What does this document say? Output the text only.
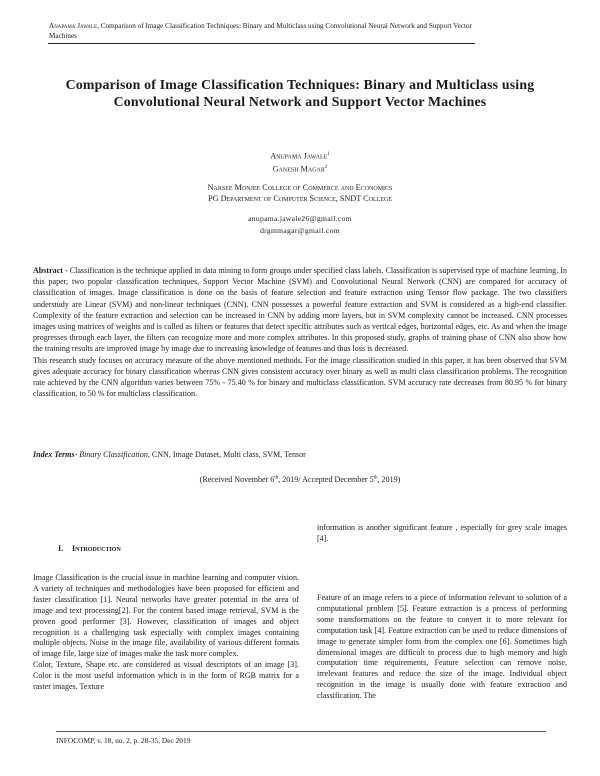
Anapama Jawale, Comparison of Image Classification Techniques: Binary and Multiclass using Convolutional Neural Network and Support Vector Machines
Comparison of Image Classification Techniques: Binary and Multiclass using Convolutional Neural Network and Support Vector Machines
Anupama Jawale$^1$
Ganesh Magar$^2$
Narsee Monjee College of Commerce and Economics
PG Department of Computer Science, SNDT College
anupama.jawale26@gmail.com
drgmmagar@gmail.com

Abstract - Classification is the technique applied in data mining to form groups under specified class labels. Classification is supervised type of machine learning. In this paper, two popular classification techniques, Support Vector Machine (SVM) and Convolutional Neural Network (CNN) are compared for accuracy of classification of images. Image classification is done on the basis of feature selection and feature extraction using Tensor flow package. The two classifiers understudy are Linear (SVM) and non-linear techniques (CNN). CNN possesses a powerful feature extraction and SVM is considered as a high-end classifier. Complexity of the feature extraction and selection can be increased in CNN by adding more layers, but in SVM complexity cannot be increased. CNN processes images using matrices of weights and is called as filters or features that detect specific attributes such as vertical edges, horizontal edges, etc. As and when the image progresses through each layer, the filters can recognize more and more complex attributes. In this proposed study, graphs of training phase of CNN also show how the training results are improved image by image due to increasing knowledge of features and thus loss is decreased.

This research study focuses on accuracy measure of the above mentioned methods. For the image classification studied in this paper, it has been observed that SVM gives adequate accuracy for binary classification whereas CNN gives consistent accuracy over binary as well as multi class classification problems. The recognition rate achieved by the CNN algorithm varies between 75% - 75.40 % for binary and multiclass classification. SVM accuracy rate decreases from 80.95 % for binary classification, to 50 % for multiclass classification.

Index Terms- Binary Classification, CNN, Image Dataset, Multi class, SVM, Tensor
(Received November 6th, 2019/ Accepted December 5th, 2019)
I. Introduction

Image Classification is the crucial issue in machine learning and computer vision. A variety of techniques and methodologies have been proposed for efficient and faster classification [1]. Neural networks have greater potential in the area of image and text processing[2]. For the content based image retrieval, SVM is the proven good performer [3]. However, classification of images and object recognition is a challenging task especially with complex images containing multiple objects. Noise in the image file, availability of various different formats of image file, large size of images make the task more complex.

Color, Texture, Shape etc. are considered as visual descriptors of an image [3]. Color is the most useful information which is in the form of RGB matrix for a raster images. Texture

information is another significant feature , especially for grey scale images [4].

Feature of an image refers to a piece of information relevant to solution of a computational problem [5]. Feature extraction is a process of performing some transformations on the feature to convert it to more relevant for computation task [4]. Feature extraction can be used to reduce dimensions of image to generate simpler form from the complex one [6]. Sometimes high dimensional images are difficult to process due to high memory and high computation time requirements, Feature selection can remove noise, irrelevant features and reduce the size of the image. Individual object recognition in the image is usually done with feature extraction and classification. The

INFOCOMP, v. 18, no. 2, p. 28-35, Dec 2019
